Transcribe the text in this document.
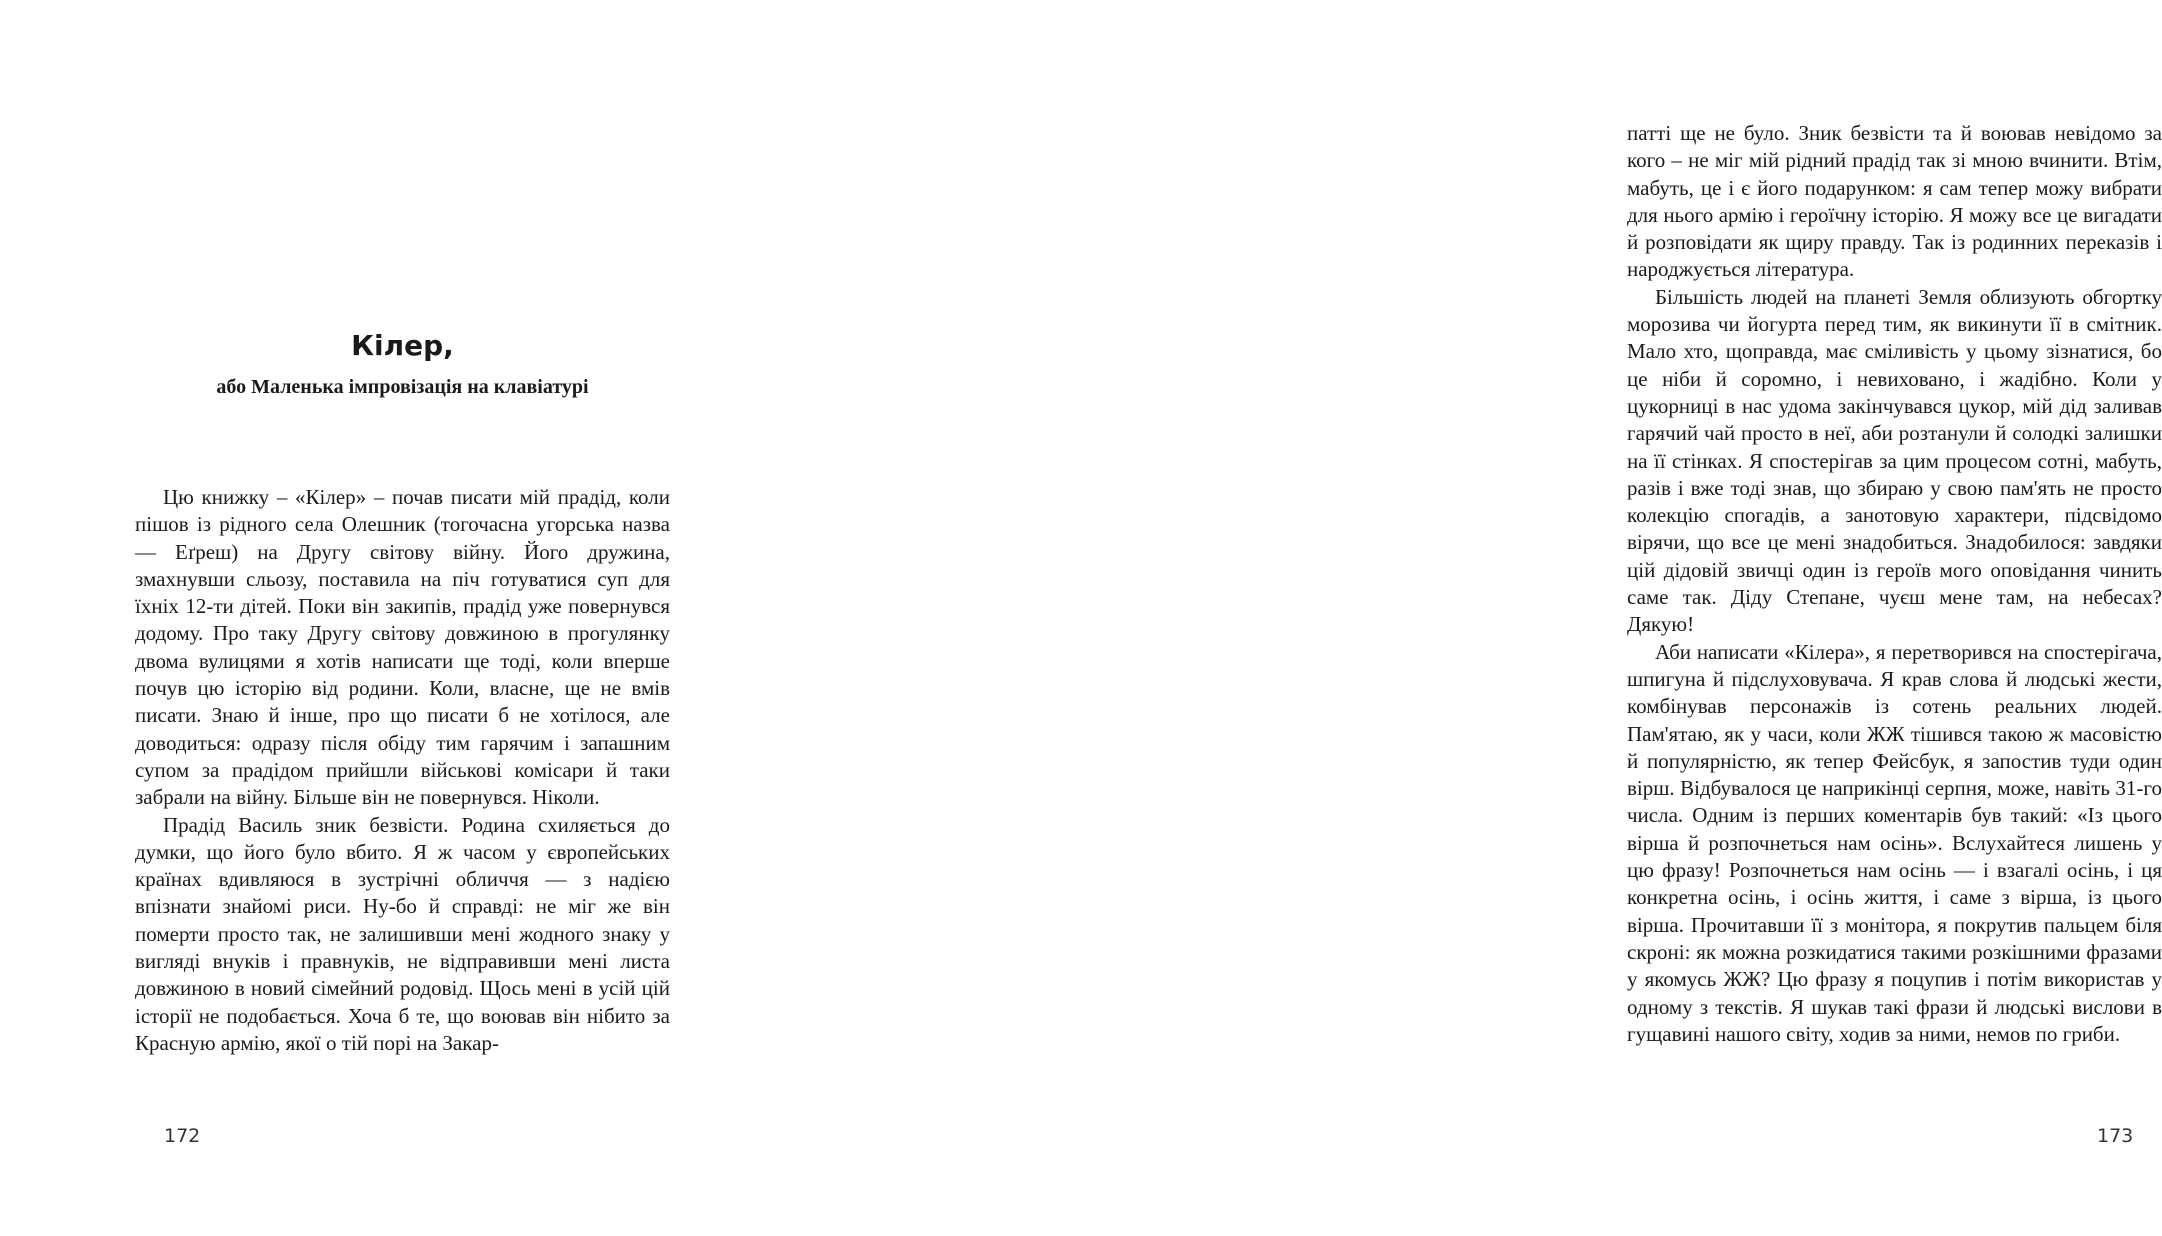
Кілер,
або Маленька імпровізація на клавіатурі

Цю книжку – «Кілер» – почав писати мій прадід, коли пішов із рідного села Олешник (тогочасна угорська назва — Еґреш) на Другу світову війну. Його дружина, змахнувши сльозу, поставила на піч готуватися суп для їхніх 12-ти дітей. Поки він закипів, прадід уже повернувся додому. Про таку Другу світову довжиною в прогулянку двома вулицями я хотів написати ще тоді, коли вперше почув цю історію від родини. Коли, власне, ще не вмів писати. Знаю й інше, про що писати б не хотілося, але доводиться: одразу після обіду тим гарячим і запашним супом за прадідом прийшли військові комісари й таки забрали на війну. Більше він не повернувся. Ніколи.

Прадід Василь зник безвісти. Родина схиляється до думки, що його було вбито. Я ж часом у європейських країнах вдивляюся в зустрічні обличчя — з надією впізнати знайомі риси. Ну-бо й справді: не міг же він померти просто так, не залишивши мені жодного знаку у вигляді внуків і правнуків, не відправивши мені листа довжиною в новий сімейний родовід. Щось мені в усій цій історії не подобається. Хоча б те, що воював він нібито за Красную армію, якої о тій порі на Закар-

172

патті ще не було. Зник безвісти та й воював невідомо за кого – не міг мій рідний прадід так зі мною вчинити. Втім, мабуть, це і є його подарунком: я сам тепер можу вибрати для нього армію і героїчну історію. Я можу все це вигадати й розповідати як щиру правду. Так із родинних переказів і народжується література.

Більшість людей на планеті Земля облизують обгортку морозива чи йогурта перед тим, як викинути її в смітник. Мало хто, щоправда, має сміливість у цьому зізнатися, бо це ніби й соромно, і невиховано, і жадібно. Коли у цукорниці в нас удома закінчувався цукор, мій дід заливав гарячий чай просто в неї, аби розтанули й солодкі залишки на її стінках. Я спостерігав за цим процесом сотні, мабуть, разів і вже тоді знав, що збираю у свою пам'ять не просто колекцію спогадів, а занотовую характери, підсвідомо вірячи, що все це мені знадобиться. Знадобилося: завдяки цій дідовій звичці один із героїв мого оповідання чинить саме так. Діду Степане, чуєш мене там, на небесах? Дякую!

Аби написати «Кілера», я перетворився на спостерігача, шпигуна й підслуховувача. Я крав слова й людські жести, комбінував персонажів із сотень реальних людей. Пам'ятаю, як у часи, коли ЖЖ тішився такою ж масовістю й популярністю, як тепер Фейсбук, я запостив туди один вірш. Відбувалося це наприкінці серпня, може, навіть 31-го числа. Одним із перших коментарів був такий: «Із цього вірша й розпочнеться нам осінь». Вслухайтеся лишень у цю фразу! Розпочнеться нам осінь — і взагалі осінь, і ця конкретна осінь, і осінь життя, і саме з вірша, із цього вірша. Прочитавши її з монітора, я покрутив пальцем біля скроні: як можна розкидатися такими розкішними фразами у якомусь ЖЖ? Цю фразу я поцупив і потім використав у одному з текстів. Я шукав такі фрази й людські вислови в гущавині нашого світу, ходив за ними, немов по гриби.

173
